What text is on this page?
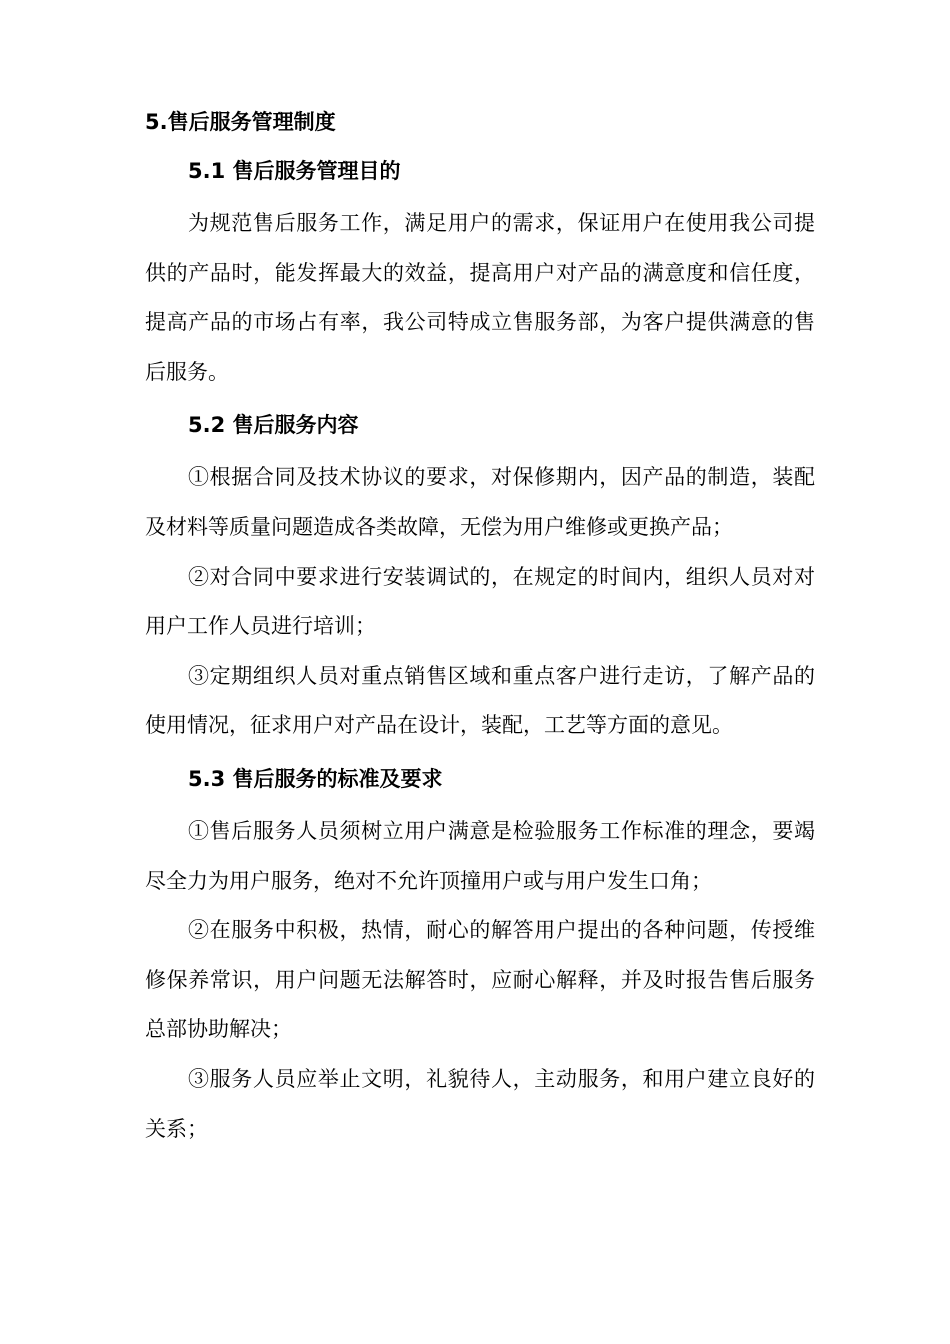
5.售后服务管理制度
5.1 售后服务管理目的

为规范售后服务工作，满足用户的需求，保证用户在使用我公司提供的产品时，能发挥最大的效益，提高用户对产品的满意度和信任度，提高产品的市场占有率，我公司特成立售服务部，为客户提供满意的售后服务。

5.2 售后服务内容

①根据合同及技术协议的要求，对保修期内，因产品的制造，装配及材料等质量问题造成各类故障，无偿为用户维修或更换产品；

②对合同中要求进行安装调试的，在规定的时间内，组织人员对对用户工作人员进行培训；

③定期组织人员对重点销售区域和重点客户进行走访，了解产品的使用情况，征求用户对产品在设计，装配，工艺等方面的意见。

5.3 售后服务的标准及要求

①售后服务人员须树立用户满意是检验服务工作标准的理念，要竭尽全力为用户服务，绝对不允许顶撞用户或与用户发生口角；

②在服务中积极，热情，耐心的解答用户提出的各种问题，传授维修保养常识，用户问题无法解答时，应耐心解释，并及时报告售后服务总部协助解决；

③服务人员应举止文明，礼貌待人，主动服务，和用户建立良好的关系；
